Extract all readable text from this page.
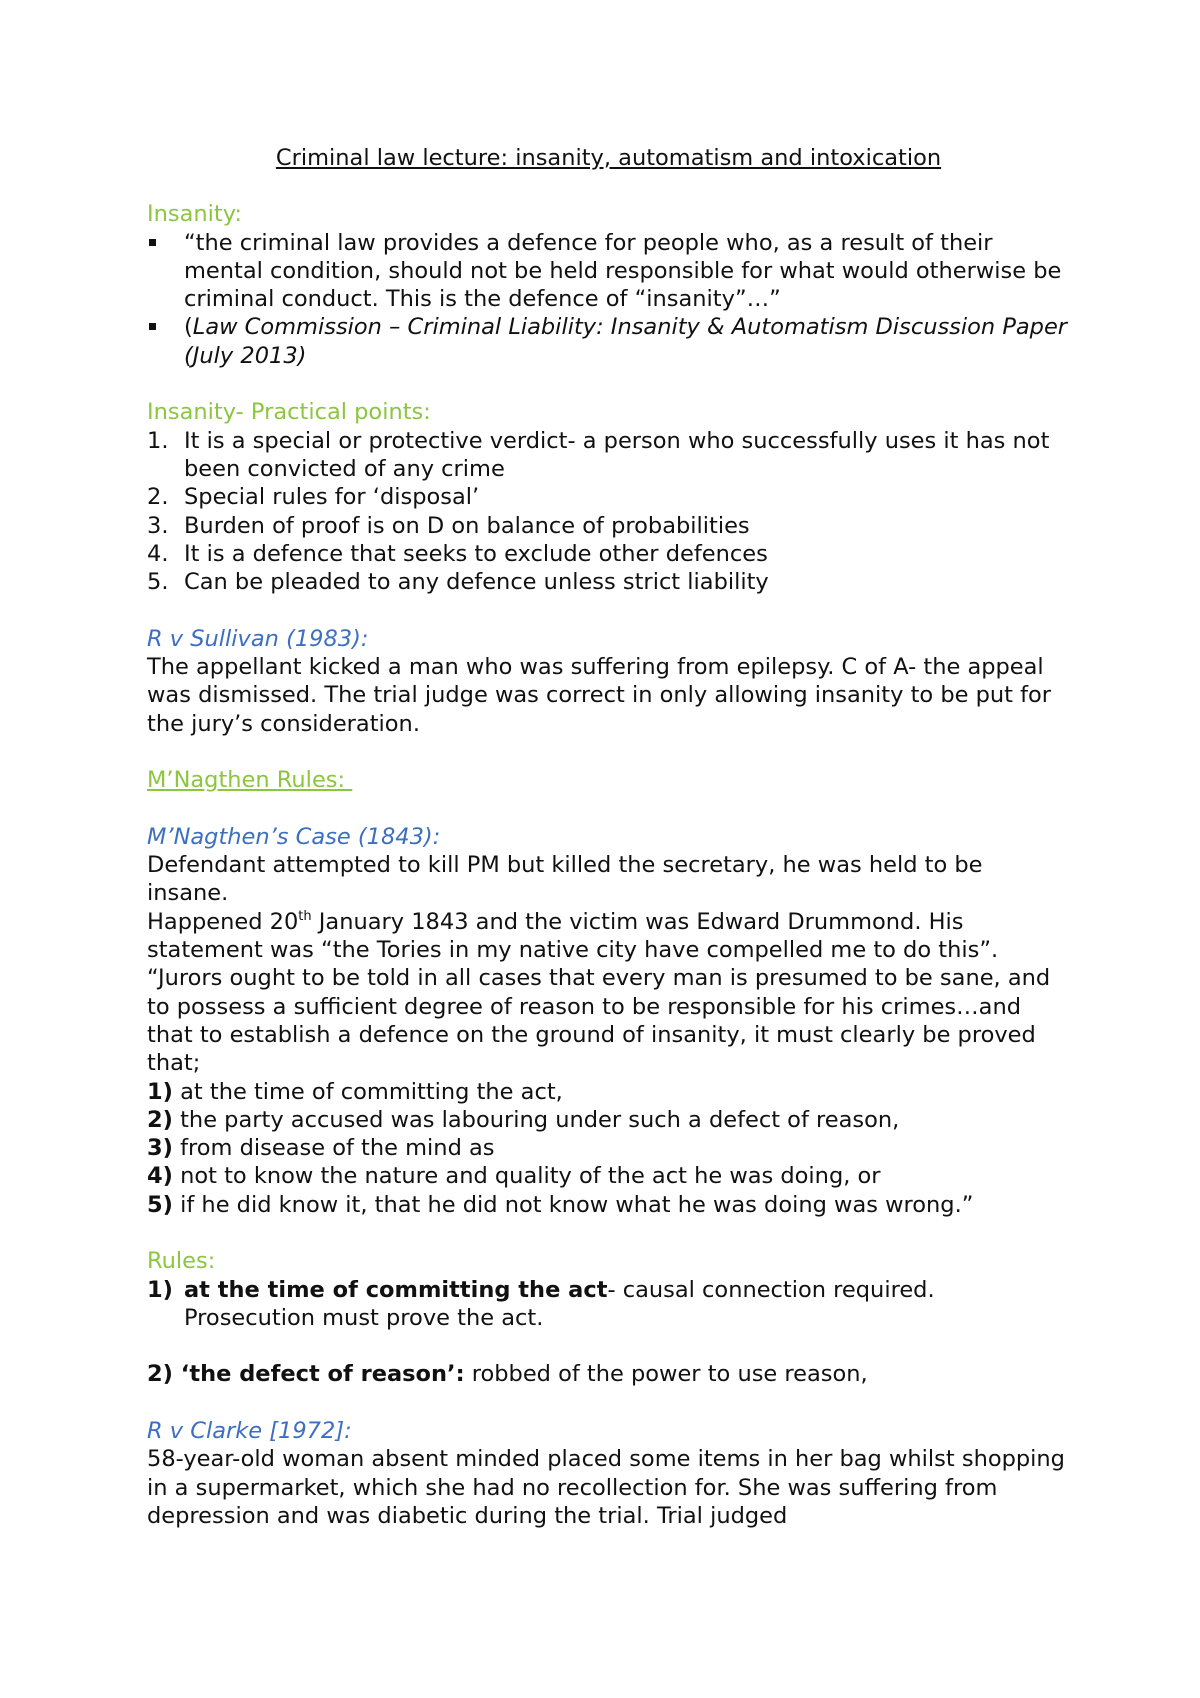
Criminal law lecture: insanity, automatism and intoxication

Insanity:

“the criminal law provides a defence for people who, as a result of their mental condition, should not be held responsible for what would otherwise be criminal conduct. This is the defence of “insanity”…”
(Law Commission – Criminal Liability: Insanity & Automatism Discussion Paper (July 2013)

Insanity- Practical points:

1. It is a special or protective verdict- a person who successfully uses it has not been convicted of any crime
2. Special rules for ‘disposal’
3. Burden of proof is on D on balance of probabilities
4. It is a defence that seeks to exclude other defences
5. Can be pleaded to any defence unless strict liability

R v Sullivan (1983):

The appellant kicked a man who was suffering from epilepsy. C of A- the appeal was dismissed. The trial judge was correct in only allowing insanity to be put for the jury’s consideration.

M’Nagthen Rules:

M’Nagthen’s Case (1843):

Defendant attempted to kill PM but killed the secretary, he was held to be insane.

Happened 20th January 1843 and the victim was Edward Drummond. His statement was “the Tories in my native city have compelled me to do this”.

“Jurors ought to be told in all cases that every man is presumed to be sane, and to possess a sufficient degree of reason to be responsible for his crimes…and that to establish a defence on the ground of insanity, it must clearly be proved that;

1) at the time of committing the act,

2) the party accused was labouring under such a defect of reason,

3) from disease of the mind as

4) not to know the nature and quality of the act he was doing, or

5) if he did know it, that he did not know what he was doing was wrong.”

Rules:

1) at the time of committing the act- causal connection required. Prosecution must prove the act.

2) ‘the defect of reason’: robbed of the power to use reason,

R v Clarke [1972]:

58-year-old woman absent minded placed some items in her bag whilst shopping in a supermarket, which she had no recollection for. She was suffering from depression and was diabetic during the trial. Trial judged
